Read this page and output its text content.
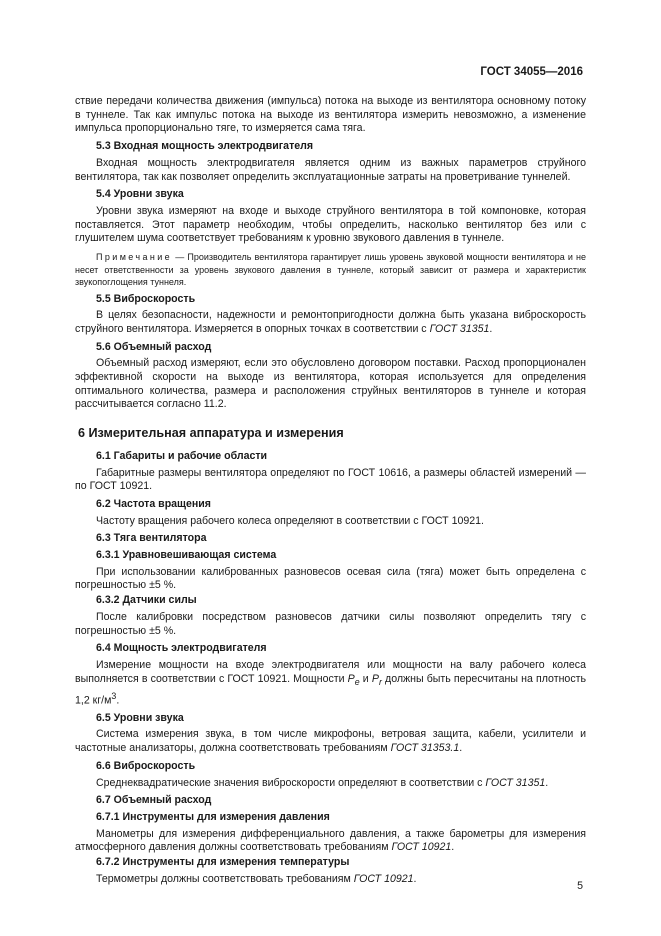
ГОСТ 34055—2016

ствие передачи количества движения (импульса) потока на выходе из вентилятора основному потоку в туннеле. Так как импульс потока на выходе из вентилятора измерить невозможно, а изменение импульса пропорционально тяге, то измеряется сама тяга.

5.3 Входная мощность электродвигателя

Входная мощность электродвигателя является одним из важных параметров струйного вентилятора, так как позволяет определить эксплуатационные затраты на проветривание туннелей.

5.4 Уровни звука

Уровни звука измеряют на входе и выходе струйного вентилятора в той компоновке, которая поставляется. Этот параметр необходим, чтобы определить, насколько вентилятор без или с глушителем шума соответствует требованиям к уровню звукового давления в туннеле.

Примечание — Производитель вентилятора гарантирует лишь уровень звуковой мощности вентилятора и не несет ответственности за уровень звукового давления в туннеле, который зависит от размера и характеристик звукопоглощения туннеля.

5.5 Виброскорость

В целях безопасности, надежности и ремонтопригодности должна быть указана виброскорость струйного вентилятора. Измеряется в опорных точках в соответствии с ГОСТ 31351.

5.6 Объемный расход

Объемный расход измеряют, если это обусловлено договором поставки. Расход пропорционален эффективной скорости на выходе из вентилятора, которая используется для определения оптимального количества, размера и расположения струйных вентиляторов в туннеле и которая рассчитывается согласно 11.2.

6 Измерительная аппаратура и измерения
6.1 Габариты и рабочие области

Габаритные размеры вентилятора определяют по ГОСТ 10616, а размеры областей измерений — по ГОСТ 10921.

6.2 Частота вращения

Частоту вращения рабочего колеса определяют в соответствии с ГОСТ 10921.

6.3 Тяга вентилятора
6.3.1 Уравновешивающая система

При использовании калиброванных разновесов осевая сила (тяга) может быть определена с погрешностью ±5 %.

6.3.2 Датчики силы

После калибровки посредством разновесов датчики силы позволяют определить тягу с погрешностью ±5 %.

6.4 Мощность электродвигателя

Измерение мощности на входе электродвигателя или мощности на валу рабочего колеса выполняется в соответствии с ГОСТ 10921. Мощности $P_e$ и $P_r$ должны быть пересчитаны на плотность 1,2 $кг/м^3$.

6.5 Уровни звука

Система измерения звука, в том числе микрофоны, ветровая защита, кабели, усилители и частотные анализаторы, должна соответствовать требованиям ГОСТ 31353.1.

6.6 Виброскорость

Среднеквадратические значения виброскорости определяют в соответствии с ГОСТ 31351.

6.7 Объемный расход
6.7.1 Инструменты для измерения давления

Манометры для измерения дифференциального давления, а также барометры для измерения атмосферного давления должны соответствовать требованиям ГОСТ 10921.

6.7.2 Инструменты для измерения температуры

Термометры должны соответствовать требованиям ГОСТ 10921.

5
